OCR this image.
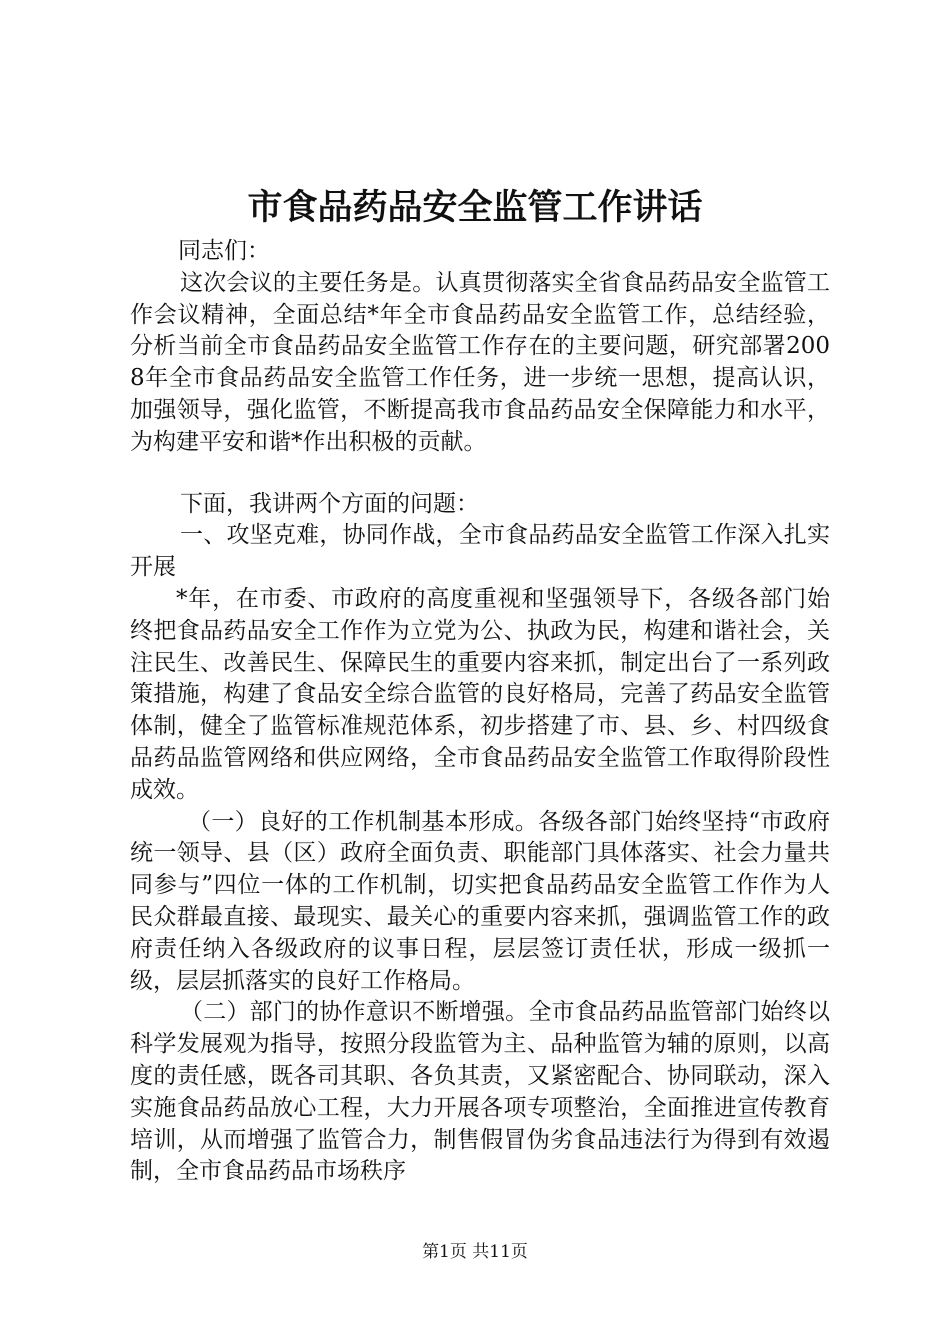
市食品药品安全监管工作讲话

同志们：

这次会议的主要任务是。认真贯彻落实全省食品药品安全监管工作会议精神，全面总结*年全市食品药品安全监管工作，总结经验，分析当前全市食品药品安全监管工作存在的主要问题，研究部署2008年全市食品药品安全监管工作任务，进一步统一思想，提高认识，加强领导，强化监管，不断提高我市食品药品安全保障能力和水平，为构建平安和谐*作出积极的贡献。

下面，我讲两个方面的问题：

一、攻坚克难，协同作战，全市食品药品安全监管工作深入扎实开展

*年，在市委、市政府的高度重视和坚强领导下，各级各部门始终把食品药品安全工作作为立党为公、执政为民，构建和谐社会，关注民生、改善民生、保障民生的重要内容来抓，制定出台了一系列政策措施，构建了食品安全综合监管的良好格局，完善了药品安全监管体制，健全了监管标准规范体系，初步搭建了市、县、乡、村四级食品药品监管网络和供应网络，全市食品药品安全监管工作取得阶段性成效。

（一）良好的工作机制基本形成。各级各部门始终坚持“市政府统一领导、县（区）政府全面负责、职能部门具体落实、社会力量共同参与”四位一体的工作机制，切实把食品药品安全监管工作作为人民众群最直接、最现实、最关心的重要内容来抓，强调监管工作的政府责任纳入各级政府的议事日程，层层签订责任状，形成一级抓一级，层层抓落实的良好工作格局。

（二）部门的协作意识不断增强。全市食品药品监管部门始终以科学发展观为指导，按照分段监管为主、品种监管为辅的原则，以高度的责任感，既各司其职、各负其责，又紧密配合、协同联动，深入实施食品药品放心工程，大力开展各项专项整治，全面推进宣传教育培训，从而增强了监管合力，制售假冒伪劣食品违法行为得到有效遏制，全市食品药品市场秩序

第1页 共11页
